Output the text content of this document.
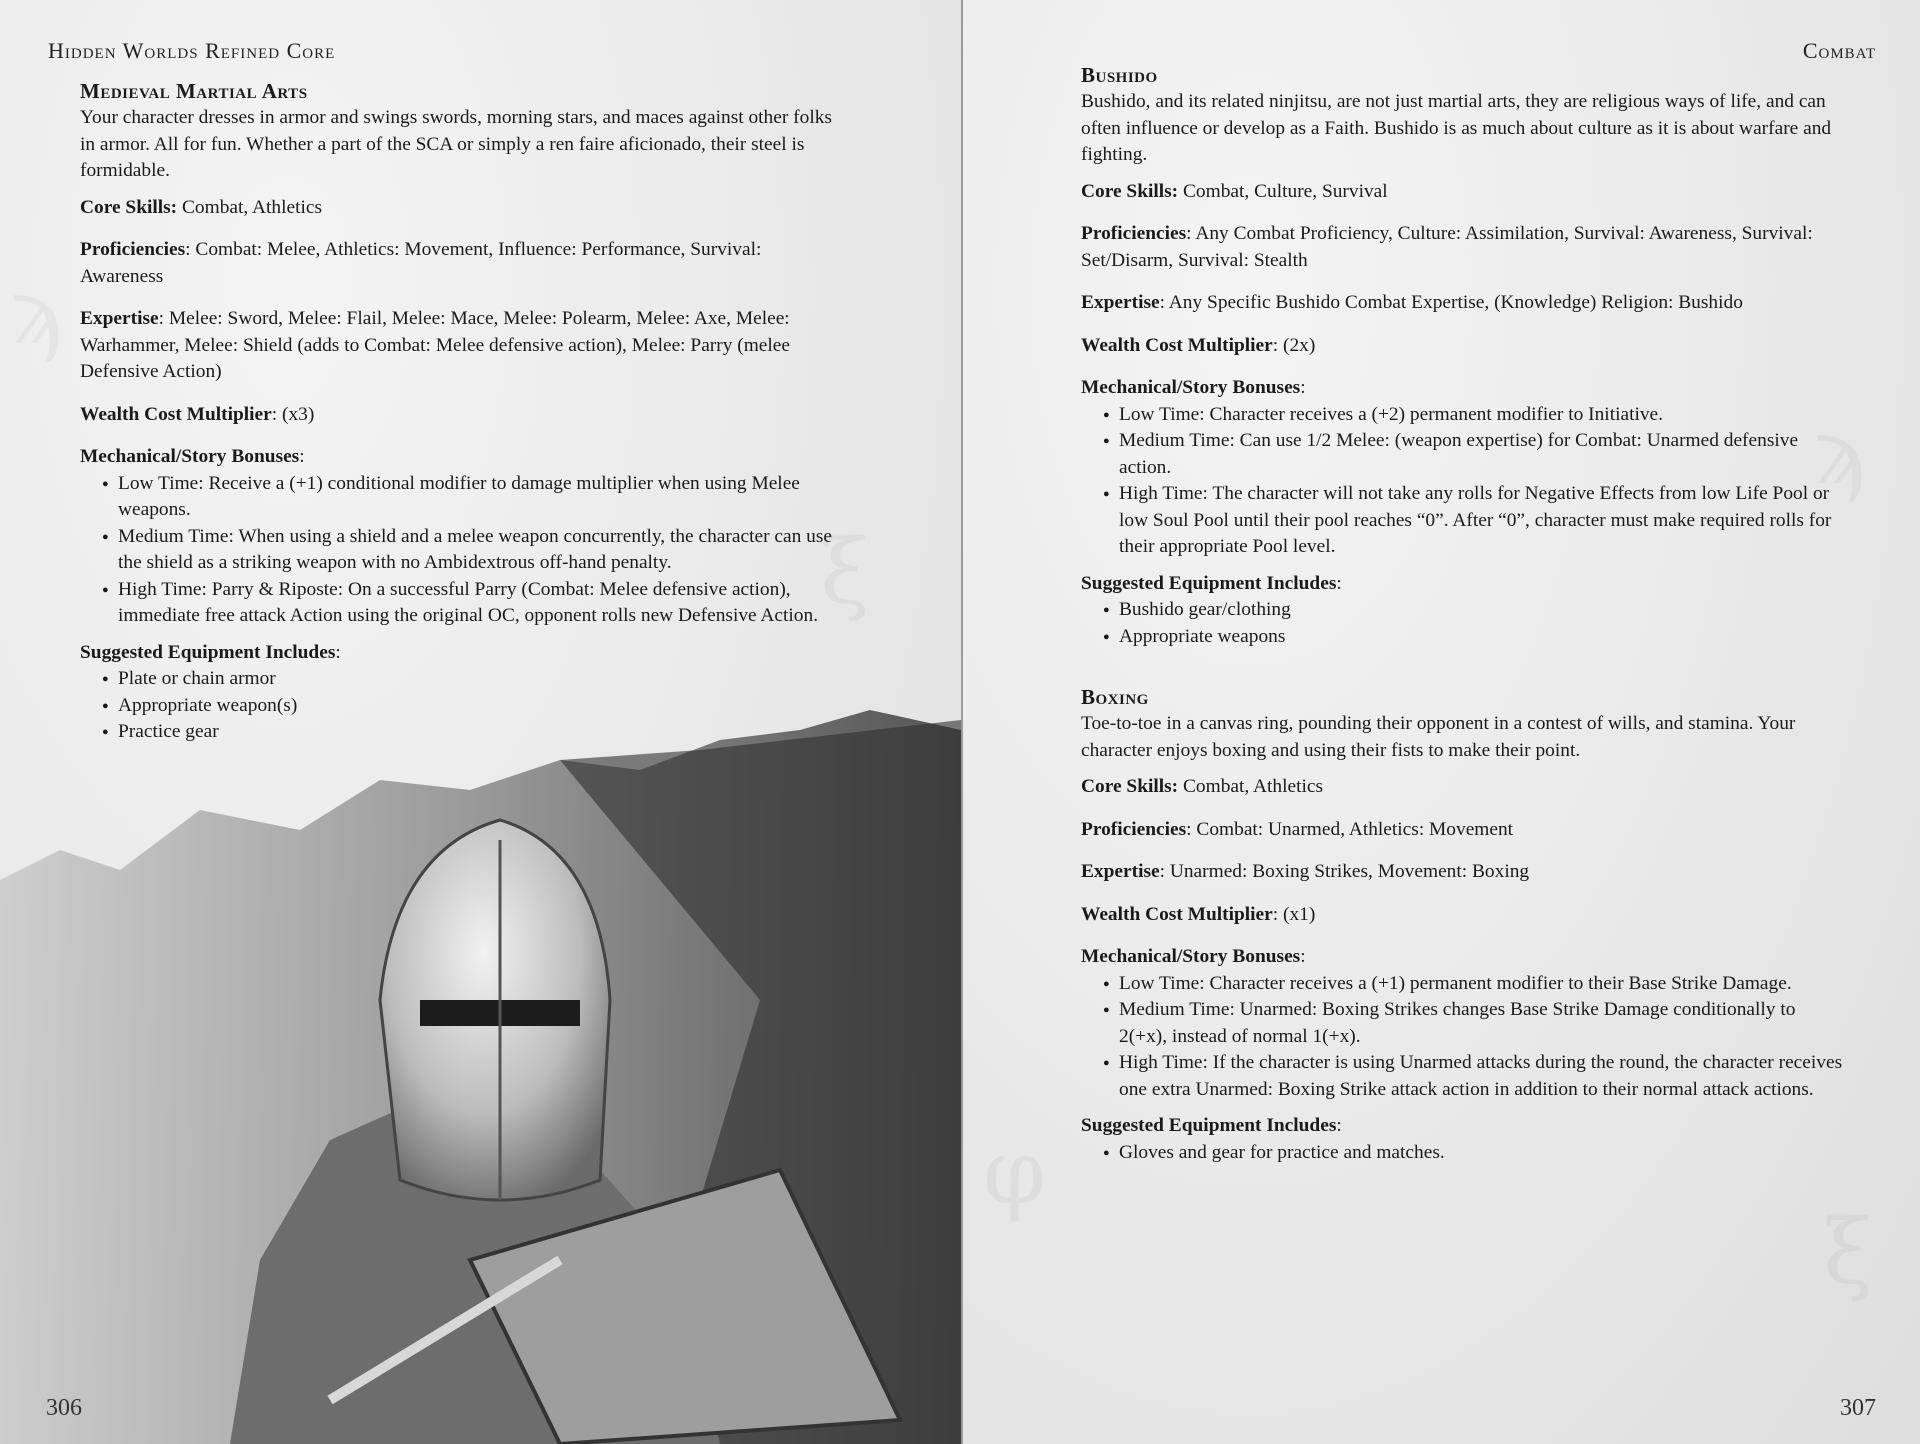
Hidden Worlds Refined Core
Medieval Martial Arts

Your character dresses in armor and swings swords, morning stars, and maces against other folks in armor. All for fun. Whether a part of the SCA or simply a ren faire aficionado, their steel is formidable.

Core Skills: Combat, Athletics

Proficiencies: Combat: Melee, Athletics: Movement, Influence: Performance, Survival: Awareness

Expertise: Melee: Sword, Melee: Flail, Melee: Mace, Melee: Polearm, Melee: Axe, Melee: Warhammer, Melee: Shield (adds to Combat: Melee defensive action), Melee: Parry (melee Defensive Action)

Wealth Cost Multiplier: (x3)

Mechanical/Story Bonuses:

● Low Time: Receive a (+1) conditional modifier to damage multiplier when using Melee weapons.
● Medium Time: When using a shield and a melee weapon concurrently, the character can use the shield as a striking weapon with no Ambidextrous off-hand penalty.
● High Time: Parry & Riposte: On a successful Parry (Combat: Melee defensive action), immediate free attack Action using the original OC, opponent rolls new Defensive Action.

Suggested Equipment Includes:

● Plate or chain armor
● Appropriate weapon(s)
● Practice gear
306
Combat
Bushido

Bushido, and its related ninjitsu, are not just martial arts, they are religious ways of life, and can often influence or develop as a Faith. Bushido is as much about culture as it is about warfare and fighting.

Core Skills: Combat, Culture, Survival

Proficiencies: Any Combat Proficiency, Culture: Assimilation, Survival: Awareness, Survival: Set/Disarm, Survival: Stealth

Expertise: Any Specific Bushido Combat Expertise, (Knowledge) Religion: Bushido

Wealth Cost Multiplier: (2x)

Mechanical/Story Bonuses:

● Low Time: Character receives a (+2) permanent modifier to Initiative.
● Medium Time: Can use 1/2 Melee: (weapon expertise) for Combat: Unarmed defensive action.
● High Time: The character will not take any rolls for Negative Effects from low Life Pool or low Soul Pool until their pool reaches “0”. After “0”, character must make required rolls for their appropriate Pool level.

Suggested Equipment Includes:

● Bushido gear/clothing
● Appropriate weapons
Boxing

Toe-to-toe in a canvas ring, pounding their opponent in a contest of wills, and stamina. Your character enjoys boxing and using their fists to make their point.

Core Skills: Combat, Athletics

Proficiencies: Combat: Unarmed, Athletics: Movement

Expertise: Unarmed: Boxing Strikes, Movement: Boxing

Wealth Cost Multiplier: (x1)

Mechanical/Story Bonuses:

● Low Time: Character receives a (+1) permanent modifier to their Base Strike Damage.
● Medium Time: Unarmed: Boxing Strikes changes Base Strike Damage conditionally to 2(+x), instead of normal 1(+x).
● High Time: If the character is using Unarmed attacks during the round, the character receives one extra Unarmed: Boxing Strike attack action in addition to their normal attack actions.

Suggested Equipment Includes:

● Gloves and gear for practice and matches.
307
